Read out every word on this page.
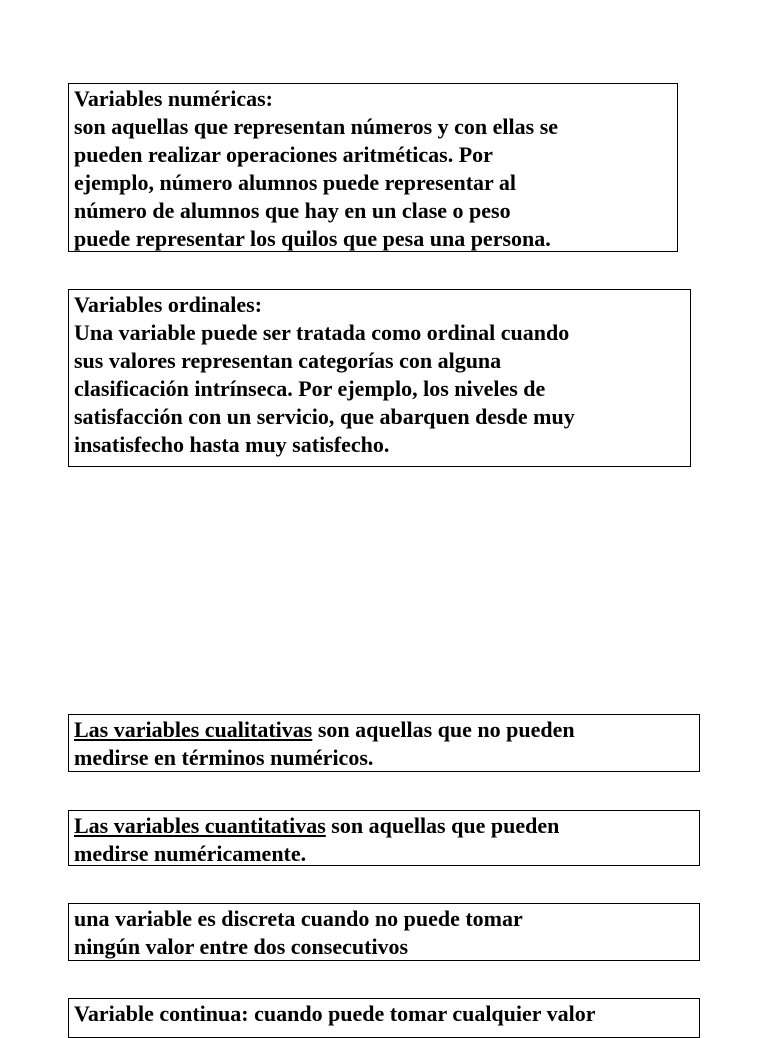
Variables numéricas:
son aquellas que representan números y con ellas se
pueden realizar operaciones aritméticas. Por
ejemplo, número alumnos puede representar al
número de alumnos que hay en un clase o peso
puede representar los quilos que pesa una persona.
Variables ordinales:
Una variable puede ser tratada como ordinal cuando
sus valores representan categorías con alguna
clasificación intrínseca. Por ejemplo, los niveles de
satisfacción con un servicio, que abarquen desde muy
insatisfecho hasta muy satisfecho.
Las variables cualitativas son aquellas que no pueden
medirse en términos numéricos.
Las variables cuantitativas son aquellas que pueden
medirse numéricamente.
una variable es discreta cuando no puede tomar
ningún valor entre dos consecutivos
Variable continua: cuando puede tomar cualquier valor
